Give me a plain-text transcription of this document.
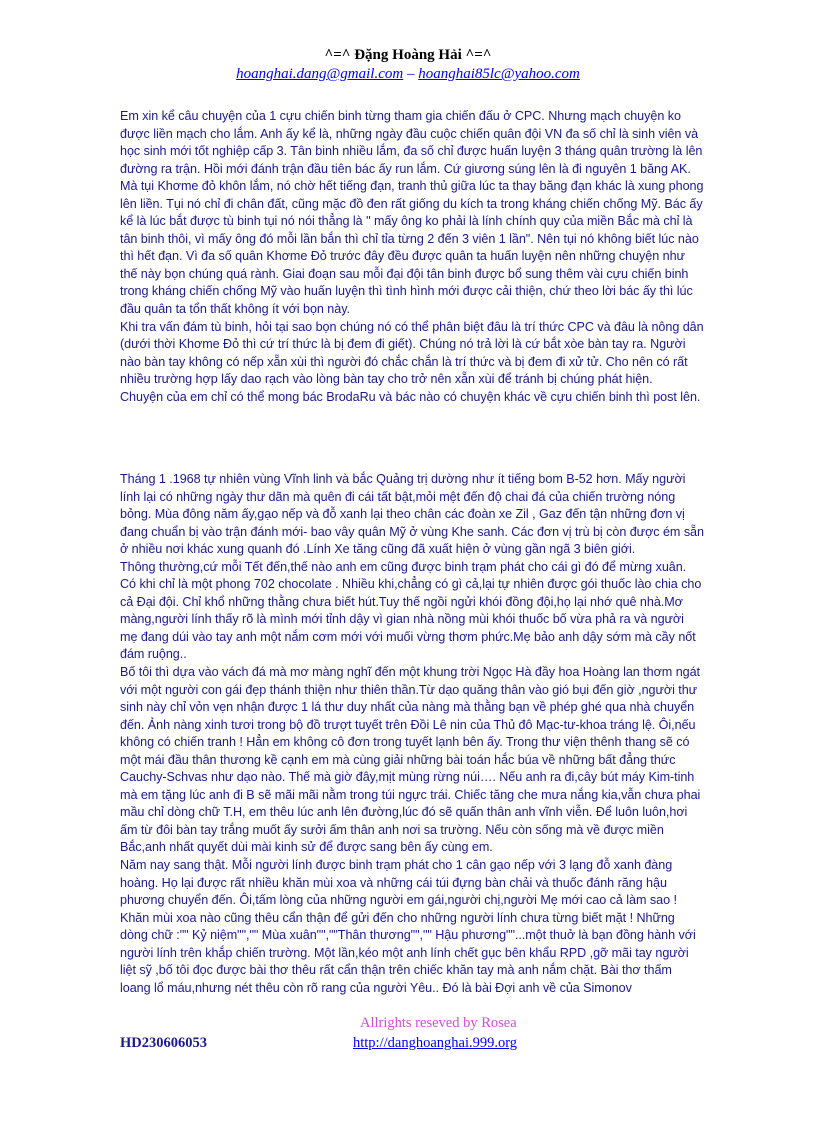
^=^ Đặng Hoàng Hải ^=^

hoanghai.dang@gmail.com – hoanghai85lc@yahoo.com

Em xin kể câu chuyện của 1 cựu chiến binh từng tham gia chiến đấu ở CPC. Nhưng mạch chuyện ko được liền mạch cho lắm. Anh ấy kể là, những ngày đầu cuộc chiến quân đội VN đa số chỉ là sinh viên và học sinh mới tốt nghiệp cấp 3. Tân binh nhiều lắm, đa số chỉ được huấn luyện 3 tháng quân trường là lên đường ra trận. Hồi mới đánh trận đầu tiên bác ấy run lắm. Cứ giương súng lên là đi nguyên 1 băng AK. Mà tụi Khơme đỏ khôn lắm, nó chờ hết tiếng đạn, tranh thủ giữa lúc ta thay băng đạn khác là xung phong lên liền. Tụi nó chỉ đi chân đất, cũng mặc đồ đen rất giống du kích ta trong kháng chiến chống Mỹ. Bác ấy kể là lúc bắt được tù binh tụi nó nói thẳng là " mấy ông ko phải là lính chính quy của miền Bắc mà chỉ là tân binh thôi, vì mấy ông đó mỗi lần bắn thì chỉ tỉa từng 2 đến 3 viên 1 lần". Nên tụi nó không biết lúc nào thì hết đạn. Vì đa số quân Khơme Đỏ trước đây đều được quân ta huấn luyện nên những chuyện như thế này bọn chúng quá rành. Giai đoạn sau mỗi đại đội tân binh được bổ sung thêm vài cựu chiến binh trong kháng chiến chống Mỹ vào huấn luyện thì tình hình mới được cải thiện, chứ theo lời bác ấy thì lúc đầu quân ta tổn thất không ít với bọn này.

Khi tra vấn đám tù binh, hỏi tại sao bọn chúng nó có thể phân biệt đâu là trí thức CPC và đâu là nông dân (dưới thời Khơme Đỏ thì cứ trí thức là bị đem đi giết). Chúng nó trả lời là cứ bắt xòe bàn tay ra. Người nào bàn tay không có nếp xẵn xùi thì người đó chắc chắn là trí thức và bị đem đi xử tử. Cho nên có rất nhiều trường hợp lấy dao rạch vào lòng bàn tay cho trở nên xẵn xùi để tránh bị chúng phát hiện.

Chuyện của em chỉ có thể mong bác BrodaRu và bác nào có chuyện khác về cựu chiến binh thì post lên.

Tháng 1 .1968 tự nhiên vùng Vĩnh linh và bắc Quảng trị dường như ít tiếng bom B-52 hơn. Mấy người lính lại có những ngày thư dãn mà quên đi cái tất bật,mỏi mệt đến độ chai đá của chiến trường nóng bỏng. Mùa đông năm ấy,gạo nếp và đỗ xanh lại theo chân các đoàn xe Zil , Gaz đến tận những đơn vị đang chuẩn bị vào trận đánh mới- bao vây quân Mỹ ở vùng Khe sanh. Các đơn vị trù bị còn được ém sẵn ở nhiều nơi khác xung quanh đó .Lính Xe tăng cũng đã xuất hiện ở vùng gần ngã 3 biên giới.

Thông thường,cứ mỗi Tết đến,thế nào anh em cũng được binh trạm phát cho cái gì đó để mừng xuân. Có khi chỉ là một phong 702 chocolate . Nhiều khi,chẳng có gì cả,lại tự nhiên được gói thuốc lào chia cho cả Đại đội. Chỉ khổ những thằng chưa biết hút.Tuy thế ngồi ngửi khói đồng đội,họ lại nhớ quê nhà.Mơ màng,người lính thấy rõ là mình mới tỉnh dậy vì gian nhà nồng mùi khói thuốc bố vừa phả ra và người mẹ đang dúi vào tay anh một nắm cơm mới với muối vừng thơm phức.Mẹ bảo anh dậy sớm mà cầy nốt đám ruộng..

Bố tôi thì dựa vào vách đá mà mơ màng nghĩ đến một khung trời Ngọc Hà đầy hoa Hoàng lan thơm ngát với một người con gái đẹp thánh thiện như thiên thần.Từ dạo quăng thân vào gió bụi đến giờ ,người thư sinh này chỉ vỏn vẹn nhận được 1 lá thư duy nhất của nàng mà thằng bạn về phép ghé qua nhà chuyển đến. Ảnh nàng xinh tươi trong bộ đồ trượt tuyết trên Đồi Lê nin của Thủ đô Mạc-tư-khoa tráng lệ. Ôi,nếu không có chiến tranh ! Hẳn em không cô đơn trong tuyết lạnh bên ấy. Trong thư viện thênh thang sẽ có một mái đầu thân thương kề cạnh em mà cùng giải những bài toán hắc búa về những bất đẳng thức Cauchy-Schvas như dạo nào. Thế mà giờ đây,mịt mùng rừng núi…. Nếu anh ra đi,cây bút máy Kim-tinh mà em tặng lúc anh đi B sẽ mãi mãi nằm trong túi ngực trái. Chiếc tăng che mưa nắng kia,vẫn chưa phai mầu chỉ dòng chữ T.H, em thêu lúc anh lên đường,lúc đó sẽ quấn thân anh vĩnh viễn. Để luôn luôn,hơi ấm từ đôi bàn tay trắng muốt ấy sưởi ấm thân anh nơi sa trường. Nếu còn sống mà về được miền Bắc,anh nhất quyết dùi mài kinh sử để được sang bên ấy cùng em.

Năm nay sang thật. Mỗi người lính được binh trạm phát cho 1 cân gạo nếp với 3 lạng đỗ xanh đàng hoàng. Họ lại được rất nhiều khăn mùi xoa và những cái túi đựng bàn chải và thuốc đánh răng hậu phương chuyển đến. Ôi,tấm lòng của những người em gái,người chị,người Mẹ mới cao cả làm sao ! Khăn mùi xoa nào cũng thêu cẩn thận để gửi đến cho những người lính chưa từng biết mặt ! Những dòng chữ :"" Kỷ niệm"","" Mùa xuân"",""Thân thương"","" Hậu phương""...một thuở là bạn đồng hành với người lính trên khắp chiến trường. Một lần,kéo một anh lính chết gục bên khẩu RPD ,gỡ mãi tay người liệt sỹ ,bố tôi đọc được bài thơ thêu rất cẩn thận trên chiếc khăn tay mà anh nắm chặt. Bài thơ thấm loang lổ máu,nhưng nét thêu còn rõ rang của người Yêu.. Đó là bài Đợi anh về của Simonov

Allrights reseved by Rosea
HD230606053	http://danghoanghai.999.org
